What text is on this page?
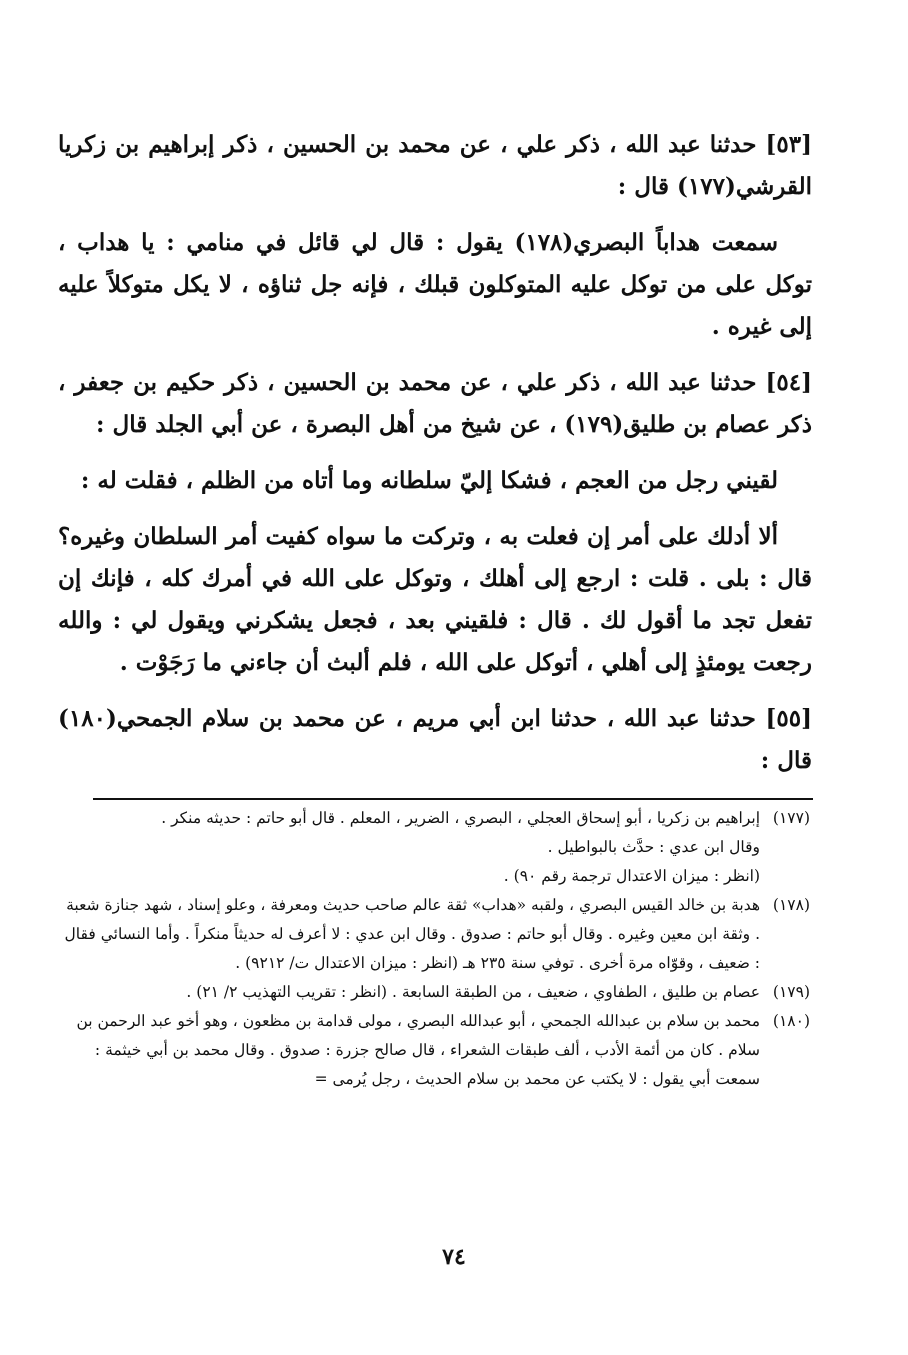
[٥٣] حدثنا عبد الله ، ذكر علي ، عن محمد بن الحسين ، ذكر إبراهيم بن زكريا القرشي(١٧٧) قال :

سمعت هداباً البصري(١٧٨) يقول : قال لي قائل في منامي : يا هداب ، توكل على من توكل عليه المتوكلون قبلك ، فإنه جل ثناؤه ، لا يكل متوكلاً عليه إلى غيره .

[٥٤] حدثنا عبد الله ، ذكر علي ، عن محمد بن الحسين ، ذكر حكيم بن جعفر ، ذكر عصام بن طليق(١٧٩) ، عن شيخ من أهل البصرة ، عن أبي الجلد قال :

لقيني رجل من العجم ، فشكا إليّ سلطانه وما أتاه من الظلم ، فقلت له :

ألا أدلك على أمر إن فعلت به ، وتركت ما سواه كفيت أمر السلطان وغيره؟ قال : بلى . قلت : ارجع إلى أهلك ، وتوكل على الله في أمرك كله ، فإنك إن تفعل تجد ما أقول لك . قال : فلقيني بعد ، فجعل يشكرني ويقول لي : والله رجعت يومئذٍ إلى أهلي ، أتوكل على الله ، فلم ألبث أن جاءني ما رَجَوْت .

[٥٥] حدثنا عبد الله ، حدثنا ابن أبي مريم ، عن محمد بن سلام الجمحي(١٨٠) قال :

(١٧٧)
إبراهيم بن زكريا ، أبو إسحاق العجلي ، البصري ، الضرير ، المعلم . قال أبو حاتم : حديثه منكر .
وقال ابن عدي : حدَّث بالبواطيل .
(انظر : ميزان الاعتدال ترجمة رقم ٩٠) .
(١٧٨)
هدبة بن خالد القيس البصري ، ولقبه «هداب» ثقة عالم صاحب حديث ومعرفة ، وعلو إسناد ، شهد جنازة شعبة . وثقة ابن معين وغيره . وقال أبو حاتم : صدوق . وقال ابن عدي : لا أعرف له حديثاً منكراً . وأما النسائي فقال : ضعيف ، وقوّاه مرة أخرى . توفي سنة ٢٣٥ هـ (انظر : ميزان الاعتدال ت/ ٩٢١٢) .
(١٧٩)
عصام بن طليق ، الطفاوي ، ضعيف ، من الطبقة السابعة . (انظر : تقريب التهذيب ٢/ ٢١) .
(١٨٠)
محمد بن سلام بن عبدالله الجمحي ، أبو عبدالله البصري ، مولى قدامة بن مظعون ، وهو أخو عبد الرحمن بن سلام . كان من أئمة الأدب ، ألف طبقات الشعراء ، قال صالح جزرة : صدوق . وقال محمد بن أبي خيثمة : سمعت أبي يقول : لا يكتب عن محمد بن سلام الحديث ، رجل يُرمى =
٧٤
